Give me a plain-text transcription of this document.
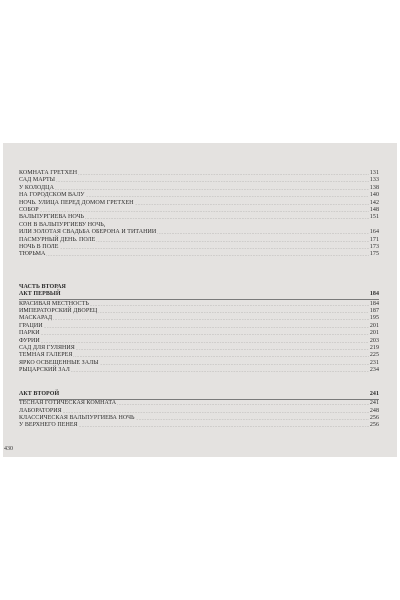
КОМНАТА ГРЕТХЕН .....	131
САД МАРТЫ .....	133
У КОЛОДЦА .....	138
НА ГОРОДСКОМ ВАЛУ .....	140
НОЧЬ. УЛИЦА ПЕРЕД ДОМОМ ГРЕТХЕН .....	142
СОБОР .....	148
ВАЛЬПУРГИЕВА НОЧЬ .....	151
СОН В ВАЛЬПУРГИЕВУ НОЧЬ,
ИЛИ ЗОЛОТАЯ СВАДЬБА ОБЕРОНА И ТИТАНИИ .....	164
ПАСМУРНЫЙ ДЕНЬ. ПОЛЕ .....	171
НОЧЬ В ПОЛЕ .....	173
ТЮРЬМА .....	175
ЧАСТЬ ВТОРАЯ
АКТ ПЕРВЫЙ	184
КРАСИВАЯ МЕСТНОСТЬ .....	184
ИМПЕРАТОРСКИЙ ДВОРЕЦ .....	187
МАСКАРАД .....	195
ГРАЦИИ .....	201
ПАРКИ .....	201
ФУРИИ .....	203
САД ДЛЯ ГУЛЯНИЯ .....	219
ТЕМНАЯ ГАЛЕРЕЯ .....	225
ЯРКО ОСВЕЩЕННЫЕ ЗАЛЫ .....	231
РЫЦАРСКИЙ ЗАЛ .....	234
АКТ ВТОРОЙ	241
ТЕСНАЯ ГОТИЧЕСКАЯ КОМНАТА .....	241
ЛАБОРАТОРИЯ .....	248
КЛАССИЧЕСКАЯ ВАЛЬПУРГИЕВА НОЧЬ .....	256
У ВЕРХНЕГО ПЕНЕЯ .....	256
430
